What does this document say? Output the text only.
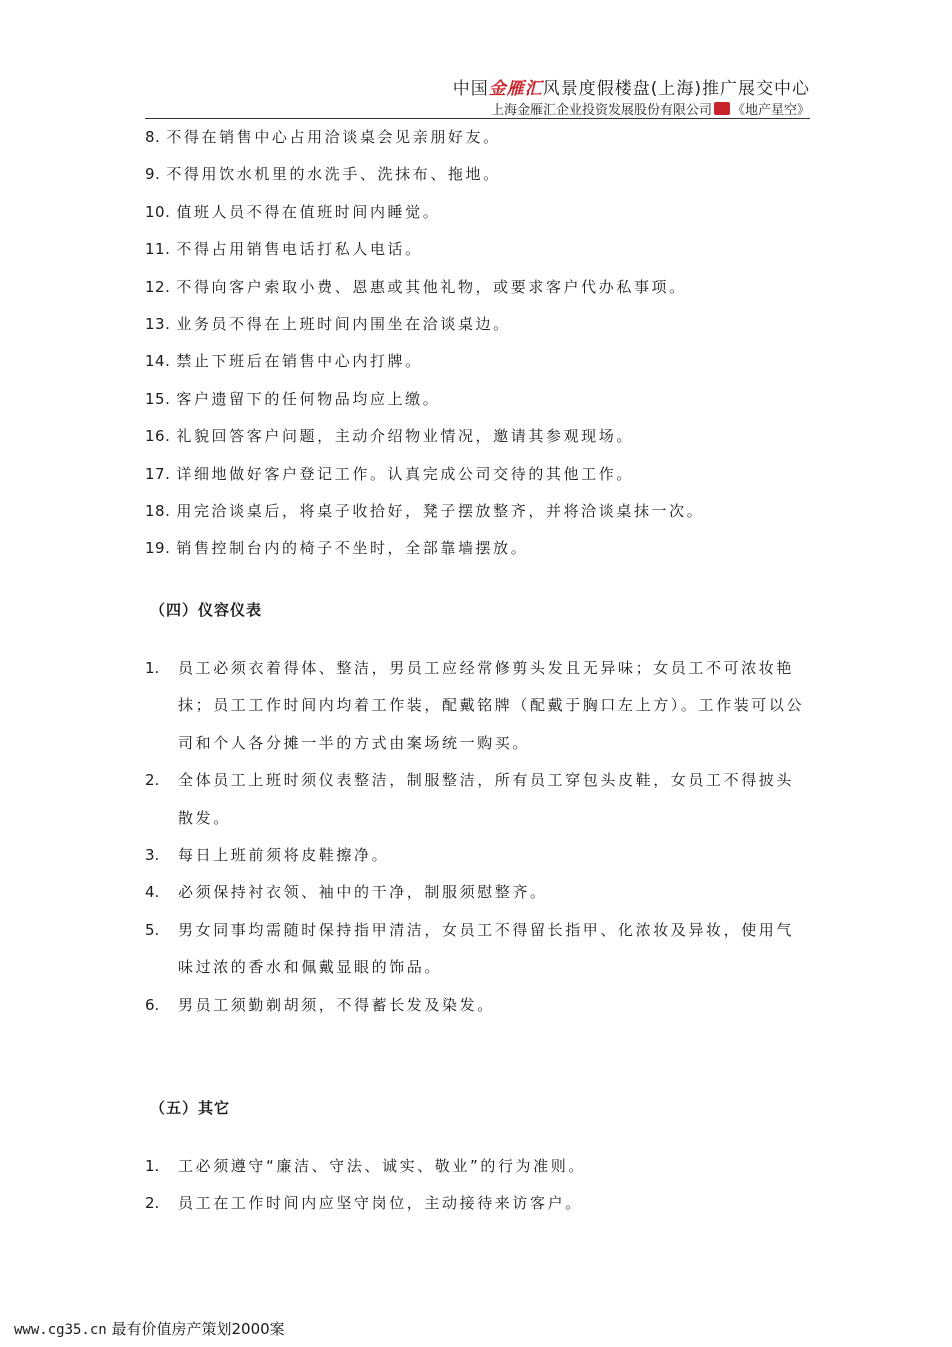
中国金雁汇风景度假楼盘(上海)推广展交中心
上海金雁汇企业投资发展股份有限公司 《地产星空》
8. 不得在销售中心占用洽谈桌会见亲朋好友。
9. 不得用饮水机里的水洗手、洗抹布、拖地。
10. 值班人员不得在值班时间内睡觉。
11. 不得占用销售电话打私人电话。
12. 不得向客户索取小费、恩惠或其他礼物，或要求客户代办私事项。
13. 业务员不得在上班时间内围坐在洽谈桌边。
14. 禁止下班后在销售中心内打牌。
15. 客户遗留下的任何物品均应上缴。
16. 礼貌回答客户问题，主动介绍物业情况，邀请其参观现场。
17. 详细地做好客户登记工作。认真完成公司交待的其他工作。
18. 用完洽谈桌后，将桌子收拾好，凳子摆放整齐，并将洽谈桌抹一次。
19. 销售控制台内的椅子不坐时，全部靠墙摆放。
（四）仪容仪表
1. 员工必须衣着得体、整洁，男员工应经常修剪头发且无异味；女员工不可浓妆艳抹；员工工作时间内均着工作装，配戴铭牌（配戴于胸口左上方）。工作装可以公司和个人各分摊一半的方式由案场统一购买。
2. 全体员工上班时须仪表整洁，制服整洁，所有员工穿包头皮鞋，女员工不得披头散发。
3. 每日上班前须将皮鞋擦净。
4. 必须保持衬衣领、袖中的干净，制服须慰整齐。
5. 男女同事均需随时保持指甲清洁，女员工不得留长指甲、化浓妆及异妆，使用气味过浓的香水和佩戴显眼的饰品。
6. 男员工须勤剃胡须，不得蓄长发及染发。
（五）其它
1. 工必须遵守“廉洁、守法、诚实、敬业”的行为准则。
2. 员工在工作时间内应坚守岗位，主动接待来访客户。
www.cg35.cn 最有价值房产策划2000案
